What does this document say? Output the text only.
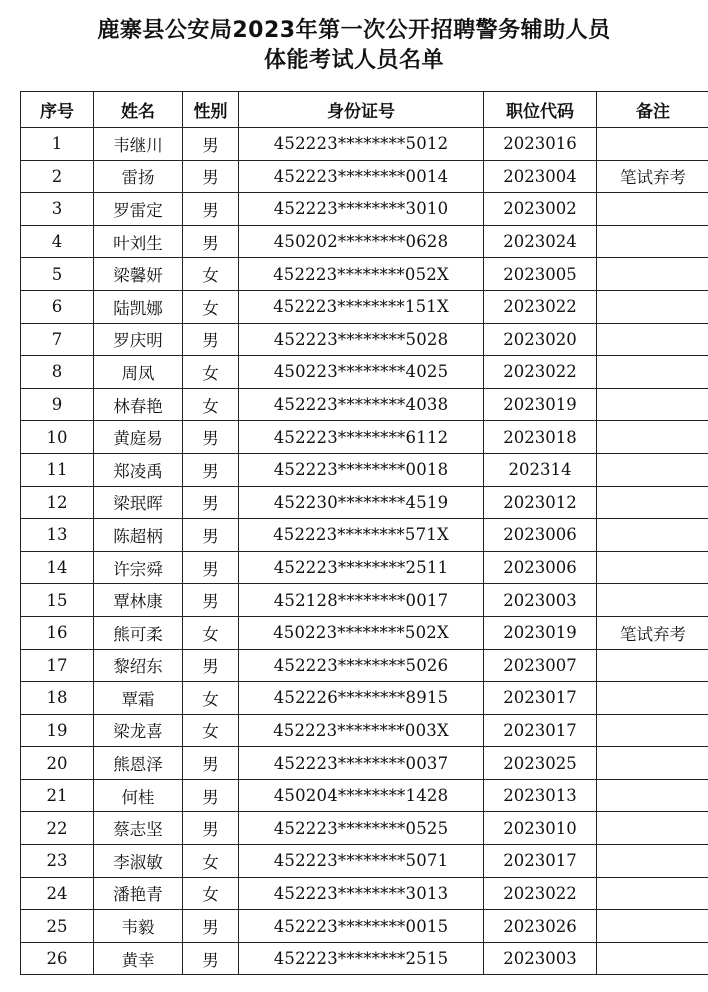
鹿寨县公安局2023年第一次公开招聘警务辅助人员
体能考试人员名单
序号	姓名	性别	身份证号	职位代码	备注
1	韦继川	男	452223********5012	2023016	
2	雷扬	男	452223********0014	2023004	笔试弃考
3	罗雷定	男	452223********3010	2023002	
4	叶刘生	男	450202********0628	2023024	
5	梁馨妍	女	452223********052X	2023005	
6	陆凯娜	女	452223********151X	2023022	
7	罗庆明	男	452223********5028	2023020	
8	周凤	女	450223********4025	2023022	
9	林春艳	女	452223********4038	2023019	
10	黄庭易	男	452223********6112	2023018	
11	郑凌禹	男	452223********0018	202314	
12	梁珉晖	男	452230********4519	2023012	
13	陈超柄	男	452223********571X	2023006	
14	许宗舜	男	452223********2511	2023006	
15	覃林康	男	452128********0017	2023003	
16	熊可柔	女	450223********502X	2023019	笔试弃考
17	黎绍东	男	452223********5026	2023007	
18	覃霜	女	452226********8915	2023017	
19	梁龙喜	女	452223********003X	2023017	
20	熊恩泽	男	452223********0037	2023025	
21	何桂	男	450204********1428	2023013	
22	蔡志坚	男	452223********0525	2023010	
23	李淑敏	女	452223********5071	2023017	
24	潘艳青	女	452223********3013	2023022	
25	韦毅	男	452223********0015	2023026	
26	黄幸	男	452223********2515	2023003	
